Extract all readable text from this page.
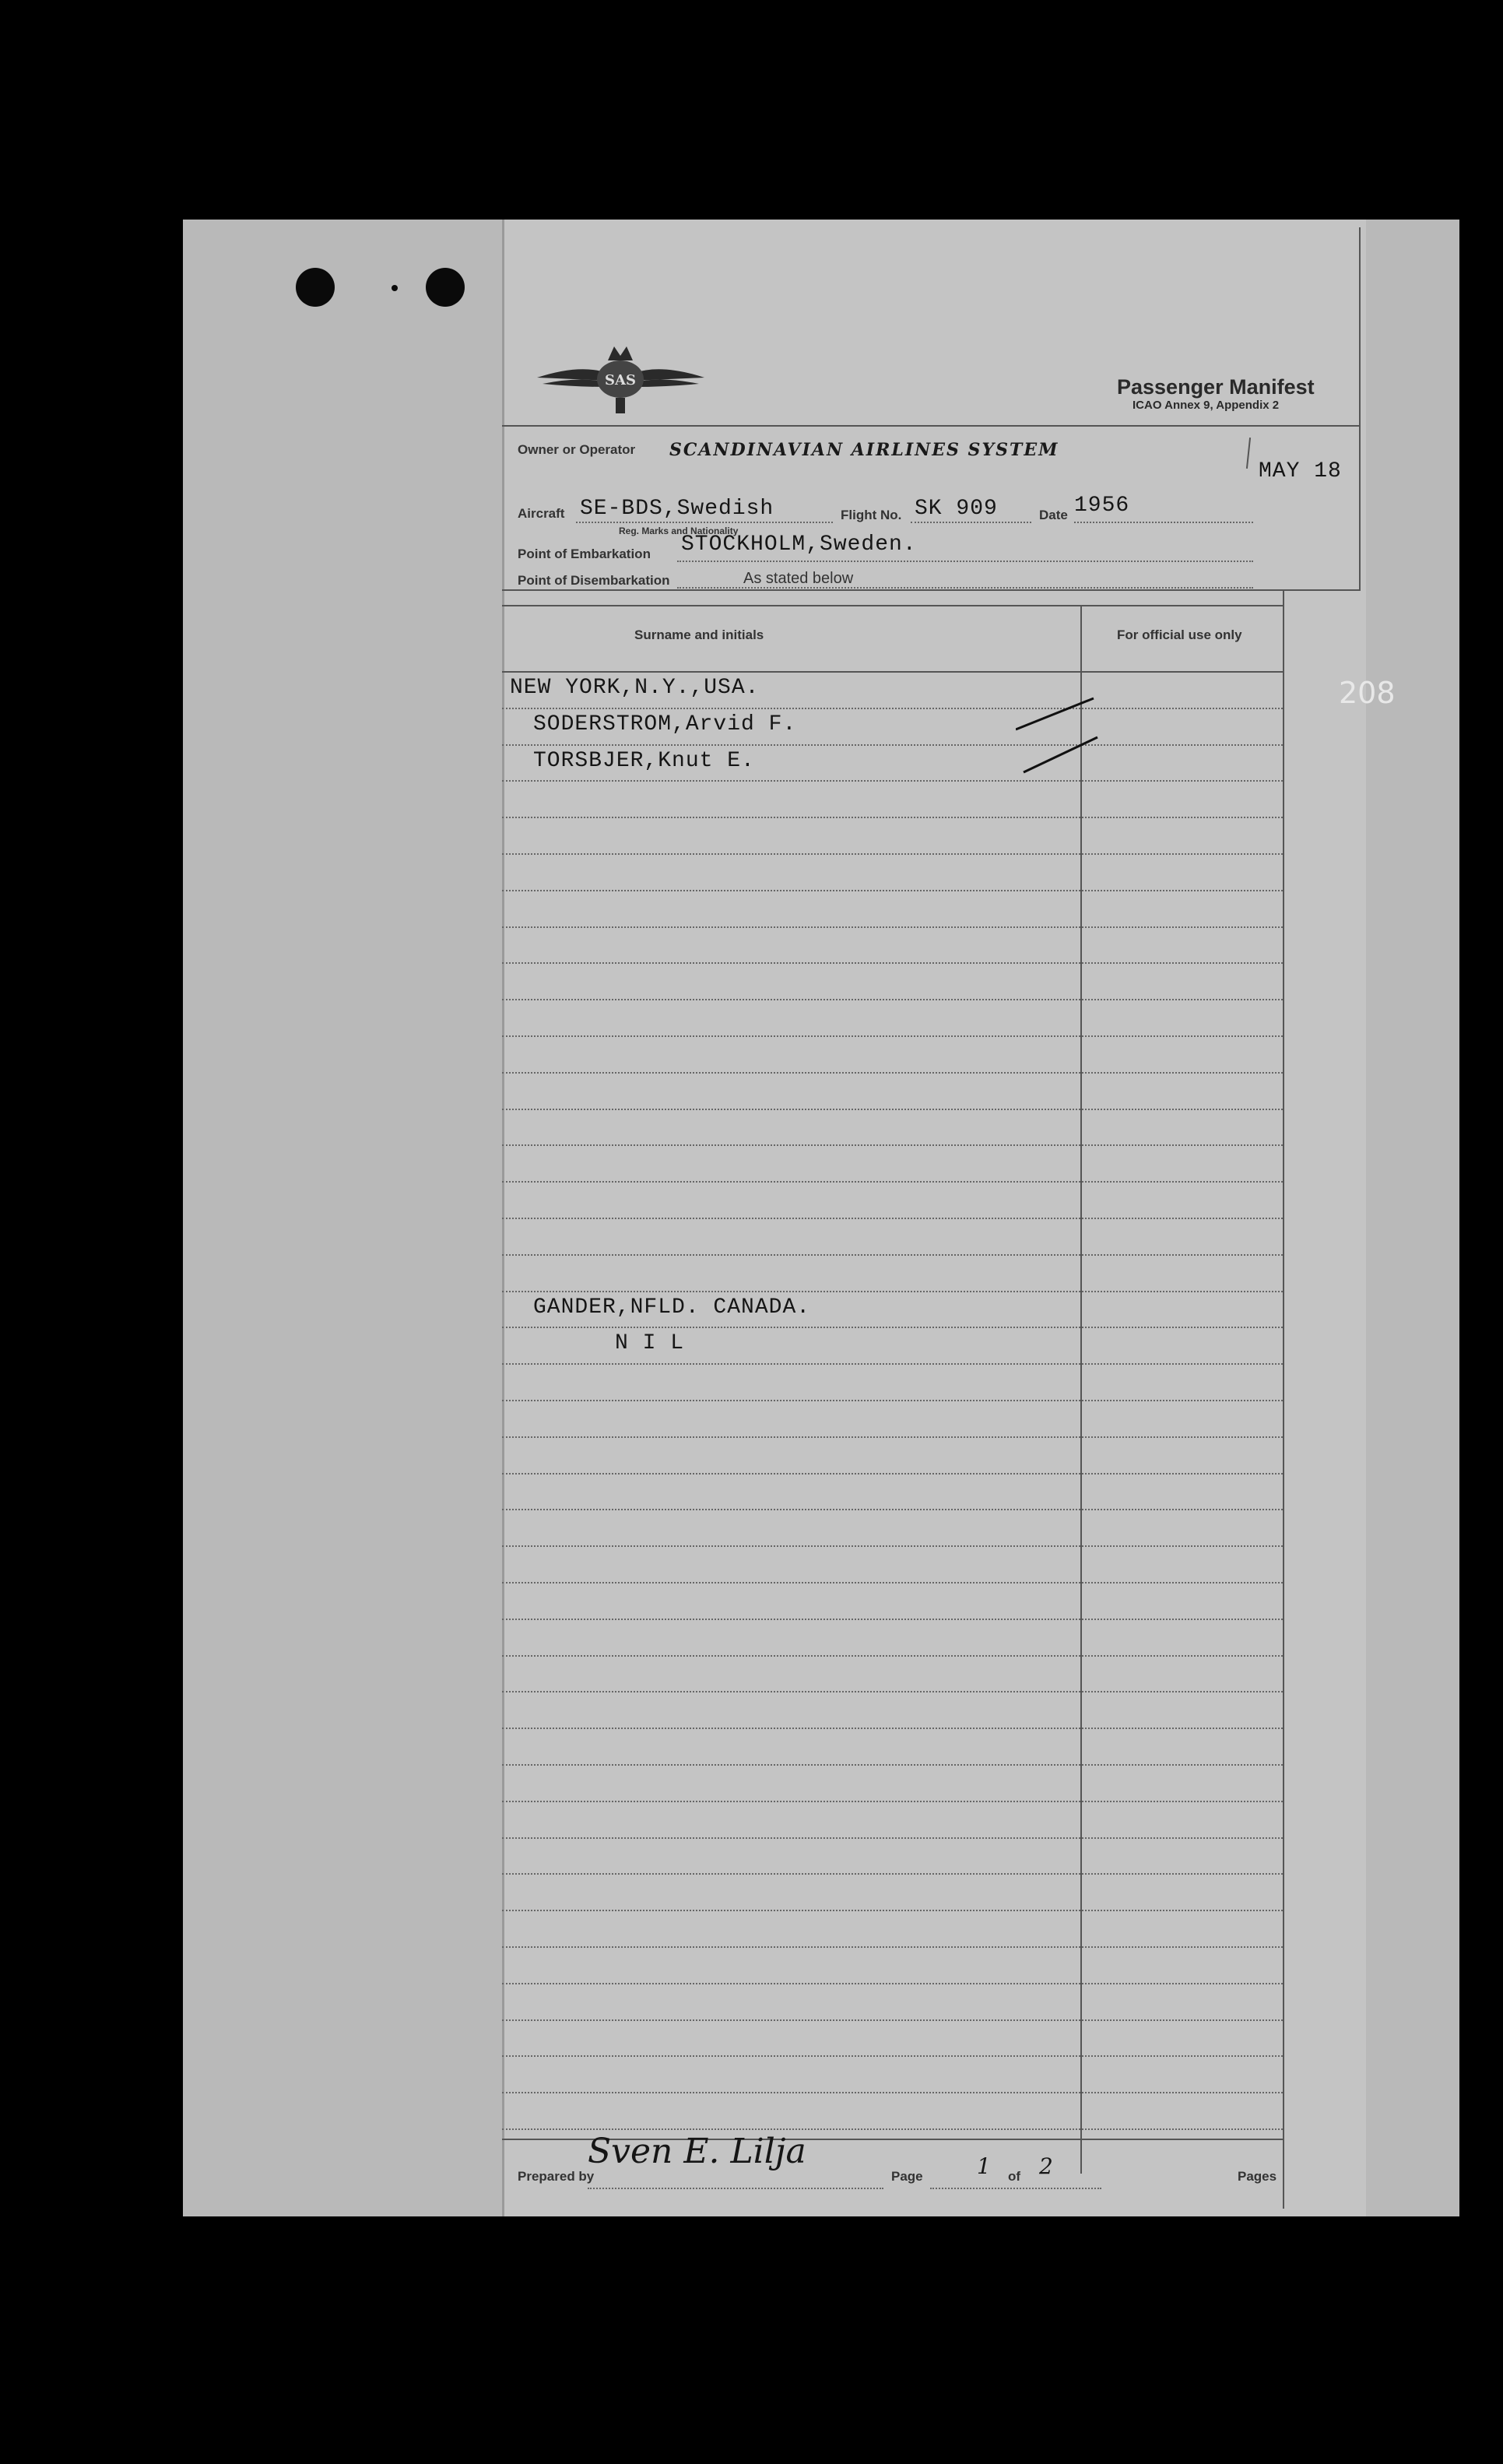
SAS	Passenger Manifest
ICAO Annex 9, Appendix 2
Owner or Operator SCANDINAVIAN AIRLINES SYSTEM
MAY 18
Aircraft SE-BDS,Swedish
Reg. Marks and Nationality
Flight No. SK 909	Date 1956
Point of Embarkation STOCKHOLM,Sweden.
Point of Disembarkation	As stated below
Surname and initials	For official use only
NEW YORK,N.Y.,USA.
SODERSTROM,Arvid F.
TORSBJER,Knut E.
GANDER,NFLD. CANADA.
N I L
Prepared by
Sven E. Lilja
Page 1 of 2	Pages
208
